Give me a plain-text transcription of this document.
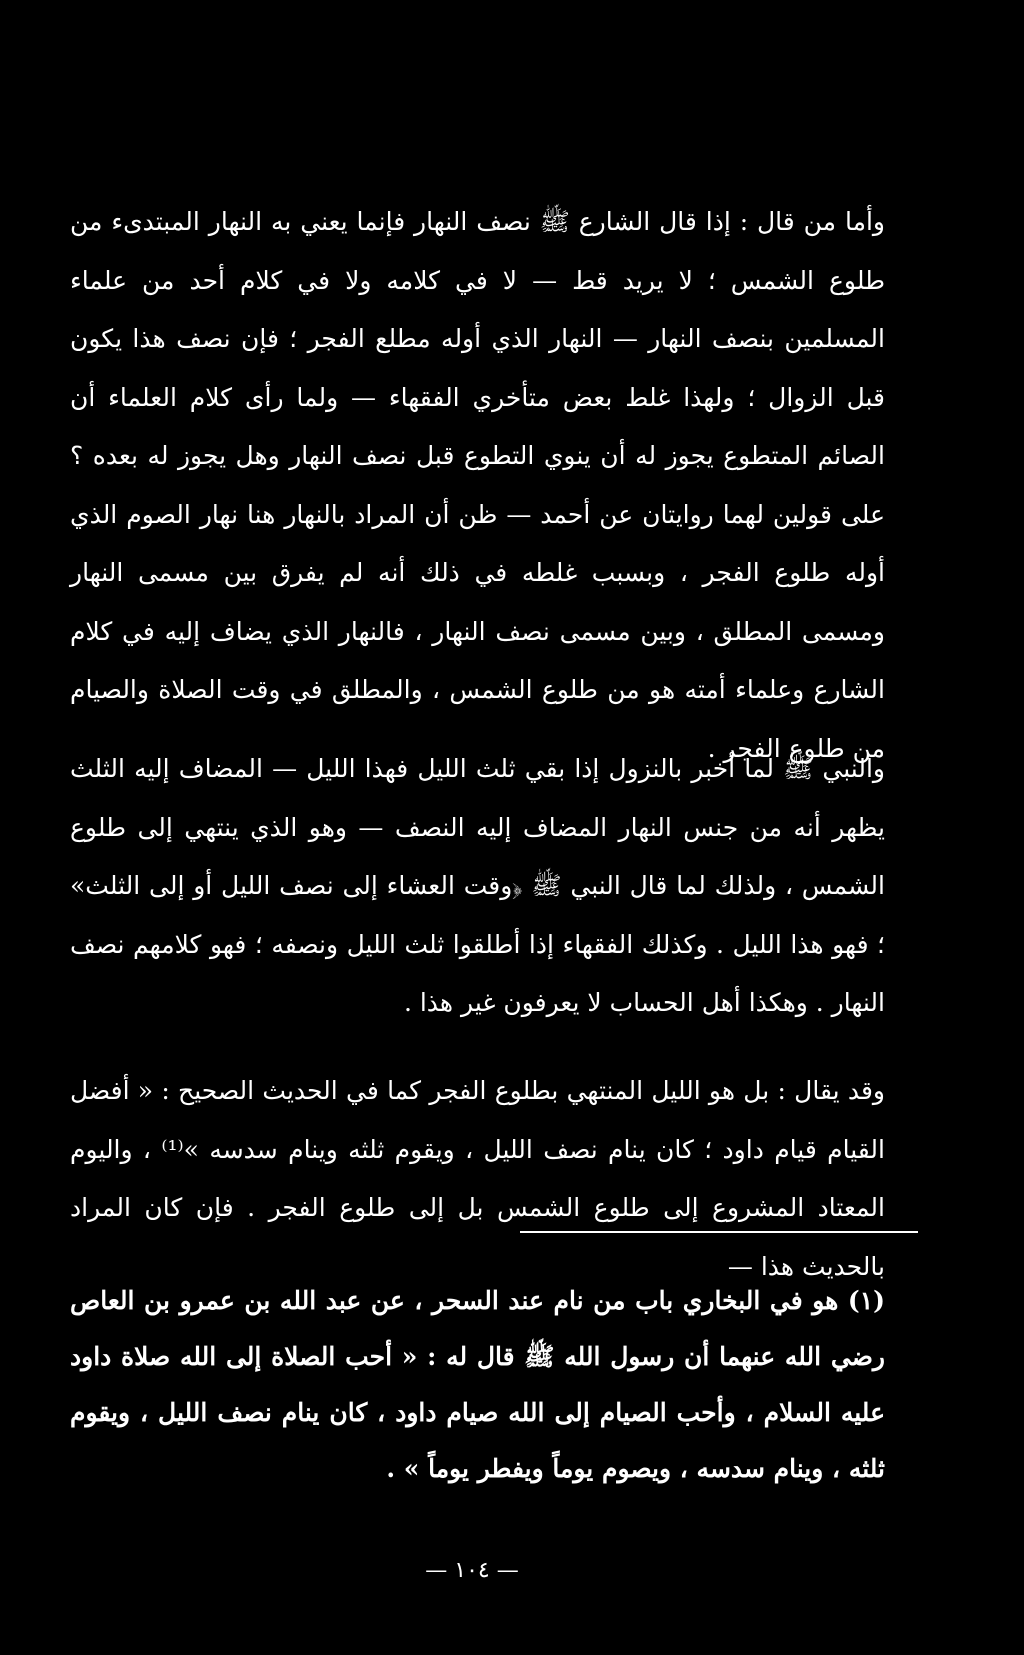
وأما من قال : إذا قال الشارع ﷺ نصف النهار فإنما يعني به النهار المبتدىء من طلوع الشمس ؛ لا يريد قط — لا في كلامه ولا في كلام أحد من علماء المسلمين بنصف النهار — النهار الذي أوله مطلع الفجر ؛ فإن نصف هذا يكون قبل الزوال ؛ ولهذا غلط بعض متأخري الفقهاء — ولما رأى كلام العلماء أن الصائم المتطوع يجوز له أن ينوي التطوع قبل نصف النهار وهل يجوز له بعده ؟ على قولين لهما روايتان عن أحمد — ظن أن المراد بالنهار هنا نهار الصوم الذي أوله طلوع الفجر ، وبسبب غلطه في ذلك أنه لم يفرق بين مسمى النهار ومسمى المطلق ، وبين مسمى نصف النهار ، فالنهار الذي يضاف إليه في كلام الشارع وعلماء أمته هو من طلوع الشمس ، والمطلق في وقت الصلاة والصيام من طلوع الفجر .

والنبي ﷺ لما أخبر بالنزول إذا بقي ثلث الليل فهذا الليل — المضاف إليه الثلث يظهر أنه من جنس النهار المضاف إليه النصف — وهو الذي ينتهي إلى طلوع الشمس ، ولذلك لما قال النبي ﷺ ﴿وقت العشاء إلى نصف الليل أو إلى الثلث» ؛ فهو هذا الليل . وكذلك الفقهاء إذا أطلقوا ثلث الليل ونصفه ؛ فهو كلامهم نصف النهار . وهكذا أهل الحساب لا يعرفون غير هذا .

وقد يقال : بل هو الليل المنتهي بطلوع الفجر كما في الحديث الصحيح : « أفضل القيام قيام داود ؛ كان ينام نصف الليل ، ويقوم ثلثه وينام سدسه »⁽¹⁾ ، واليوم المعتاد المشروع إلى طلوع الشمس بل إلى طلوع الفجر . فإن كان المراد بالحديث هذا —

(١) هو في البخاري باب من نام عند السحر ، عن عبد الله بن عمرو بن العاص رضي الله عنهما أن رسول الله ﷺ قال له : « أحب الصلاة إلى الله صلاة داود عليه السلام ، وأحب الصيام إلى الله صيام داود ، كان ينام نصف الليل ، ويقوم ثلثه ، وينام سدسه ، ويصوم يوماً ويفطر يوماً » .

— ١٠٤ —
